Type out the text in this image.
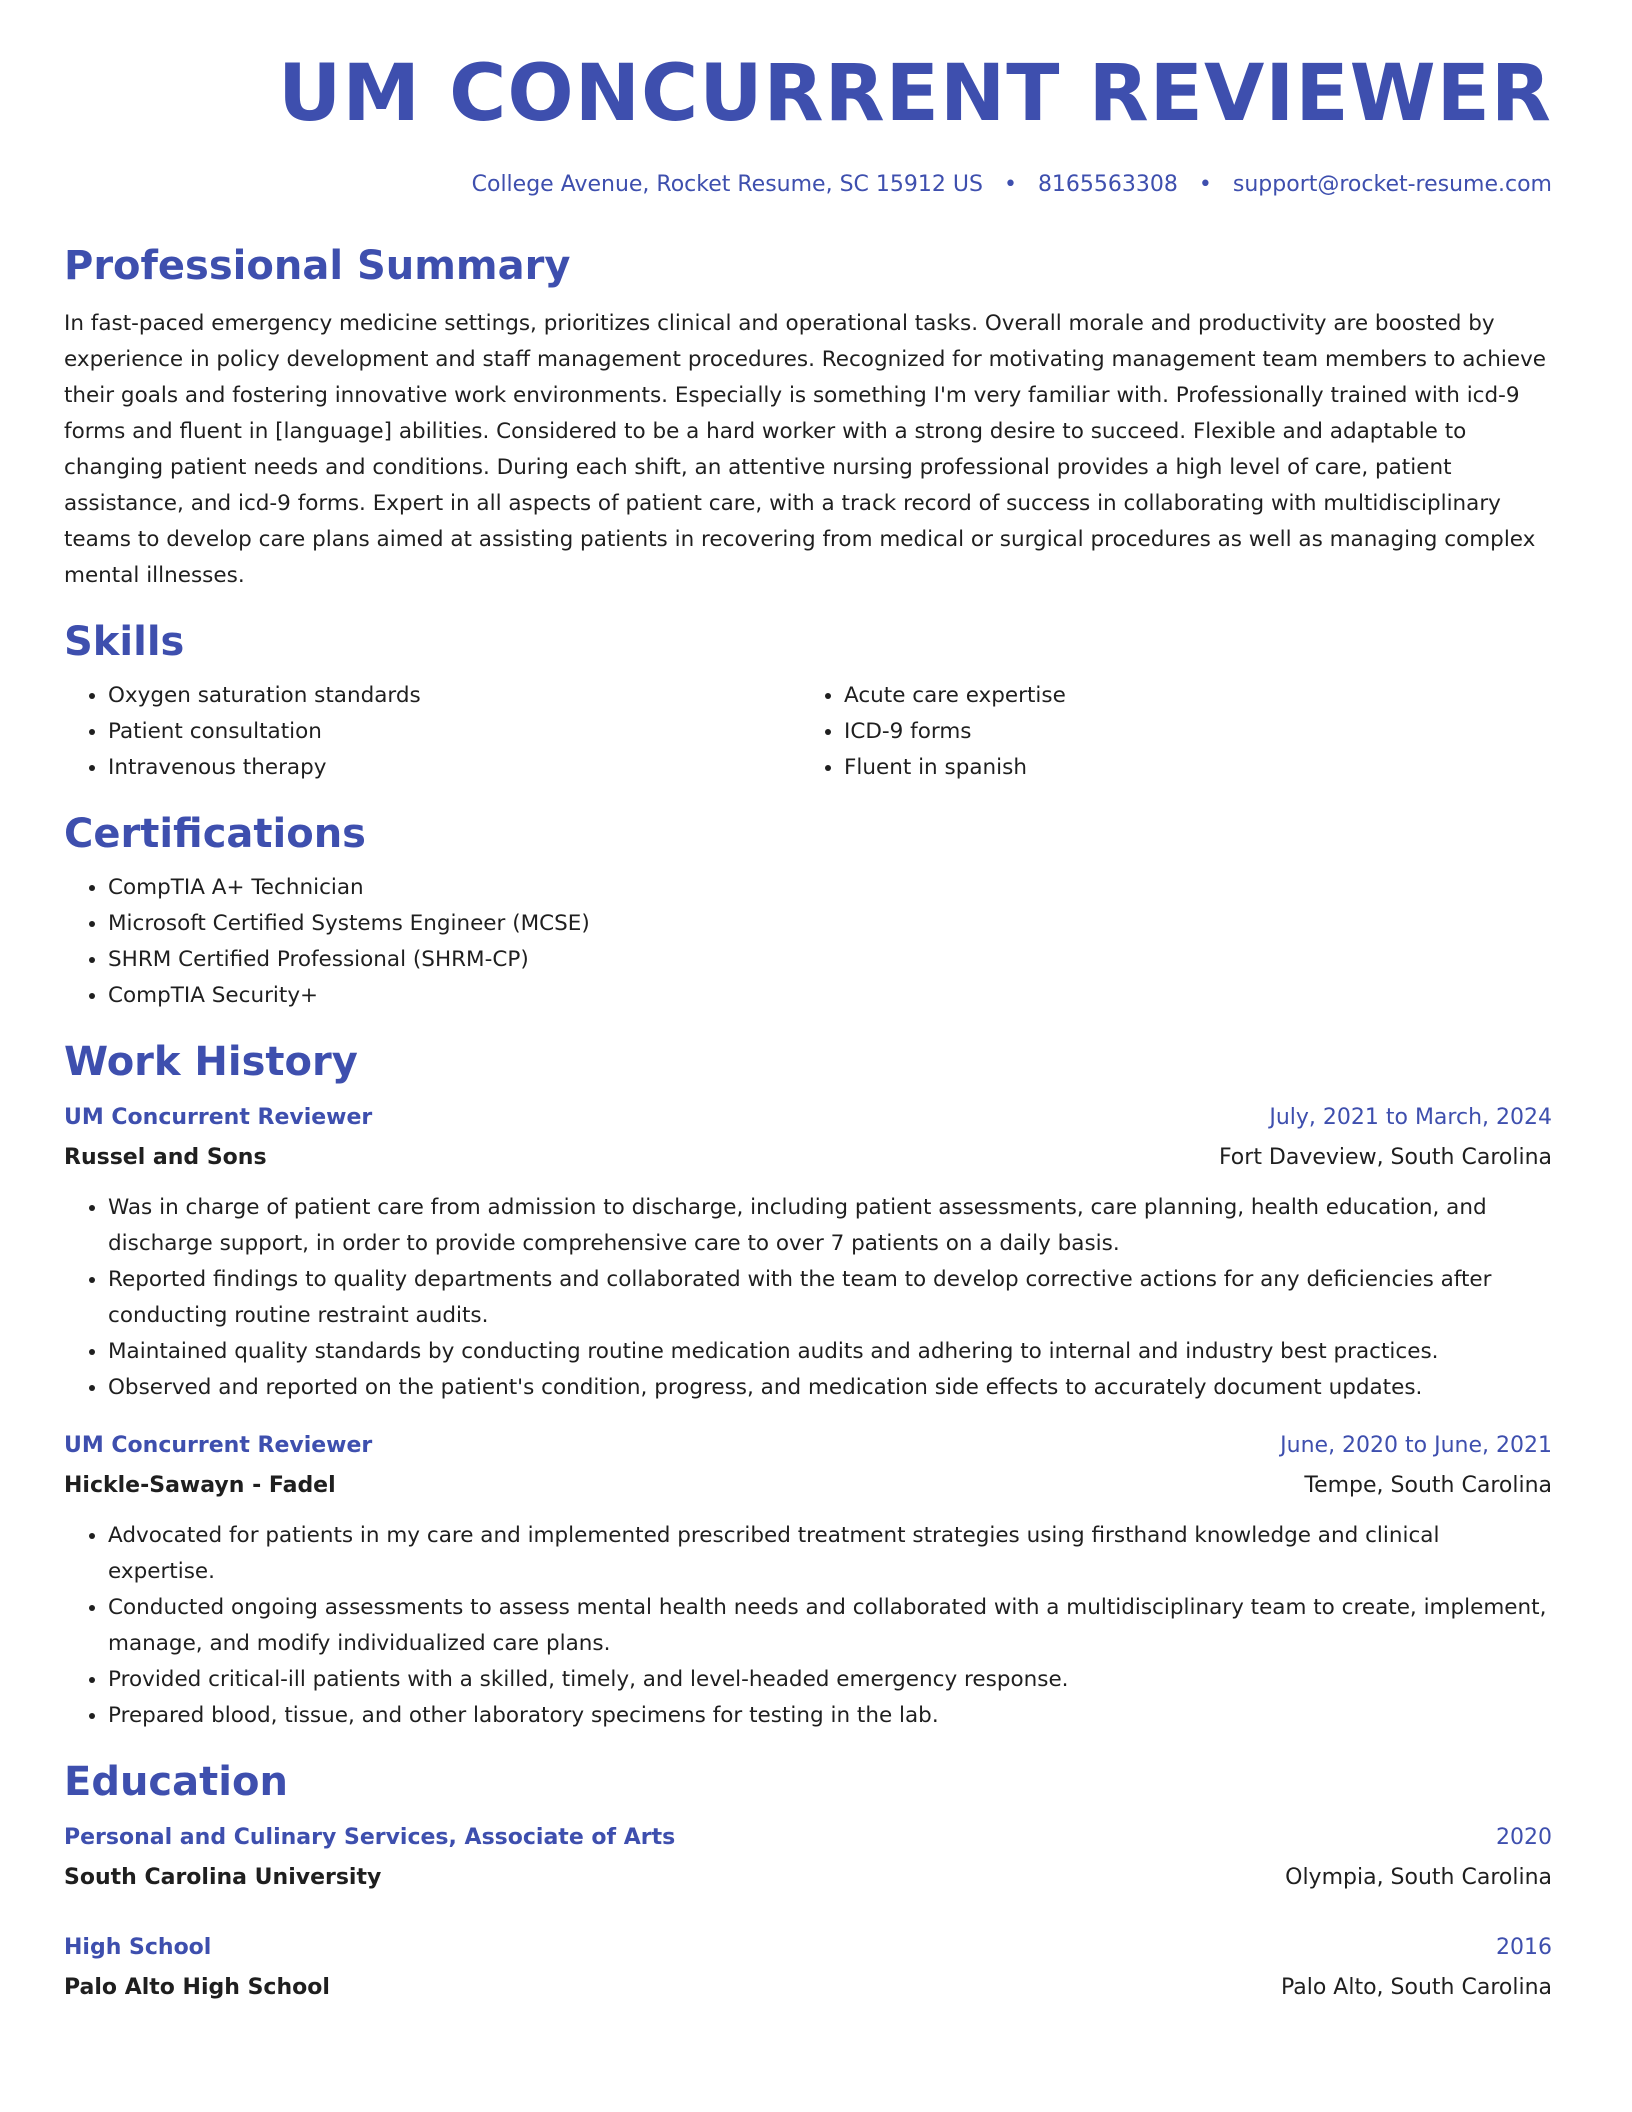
UM CONCURRENT REVIEWER
College Avenue, Rocket Resume, SC 15912 US • 8165563308 • support@rocket-resume.com
Professional Summary
In fast-paced emergency medicine settings, prioritizes clinical and operational tasks. Overall morale and productivity are boosted by experience in policy development and staff management procedures. Recognized for motivating management team members to achieve their goals and fostering innovative work environments. Especially is something I'm very familiar with. Professionally trained with icd-9 forms and fluent in [language] abilities. Considered to be a hard worker with a strong desire to succeed. Flexible and adaptable to changing patient needs and conditions. During each shift, an attentive nursing professional provides a high level of care, patient assistance, and icd-9 forms. Expert in all aspects of patient care, with a track record of success in collaborating with multidisciplinary teams to develop care plans aimed at assisting patients in recovering from medical or surgical procedures as well as managing complex mental illnesses.
Skills
• Oxygen saturation standards
• Patient consultation
• Intravenous therapy
• Acute care expertise
• ICD-9 forms
• Fluent in spanish
Certifications
• CompTIA A+ Technician
• Microsoft Certified Systems Engineer (MCSE)
• SHRM Certified Professional (SHRM-CP)
• CompTIA Security+
Work History
UM Concurrent Reviewer	July, 2021 to March, 2024
Russel and Sons	Fort Daveview, South Carolina
• Was in charge of patient care from admission to discharge, including patient assessments, care planning, health education, and discharge support, in order to provide comprehensive care to over 7 patients on a daily basis.
• Reported findings to quality departments and collaborated with the team to develop corrective actions for any deficiencies after conducting routine restraint audits.
• Maintained quality standards by conducting routine medication audits and adhering to internal and industry best practices.
• Observed and reported on the patient's condition, progress, and medication side effects to accurately document updates.
UM Concurrent Reviewer	June, 2020 to June, 2021
Hickle-Sawayn - Fadel	Tempe, South Carolina
• Advocated for patients in my care and implemented prescribed treatment strategies using firsthand knowledge and clinical expertise.
• Conducted ongoing assessments to assess mental health needs and collaborated with a multidisciplinary team to create, implement, manage, and modify individualized care plans.
• Provided critical-ill patients with a skilled, timely, and level-headed emergency response.
• Prepared blood, tissue, and other laboratory specimens for testing in the lab.
Education
Personal and Culinary Services, Associate of Arts	2020
South Carolina University	Olympia, South Carolina
High School	2016
Palo Alto High School	Palo Alto, South Carolina
